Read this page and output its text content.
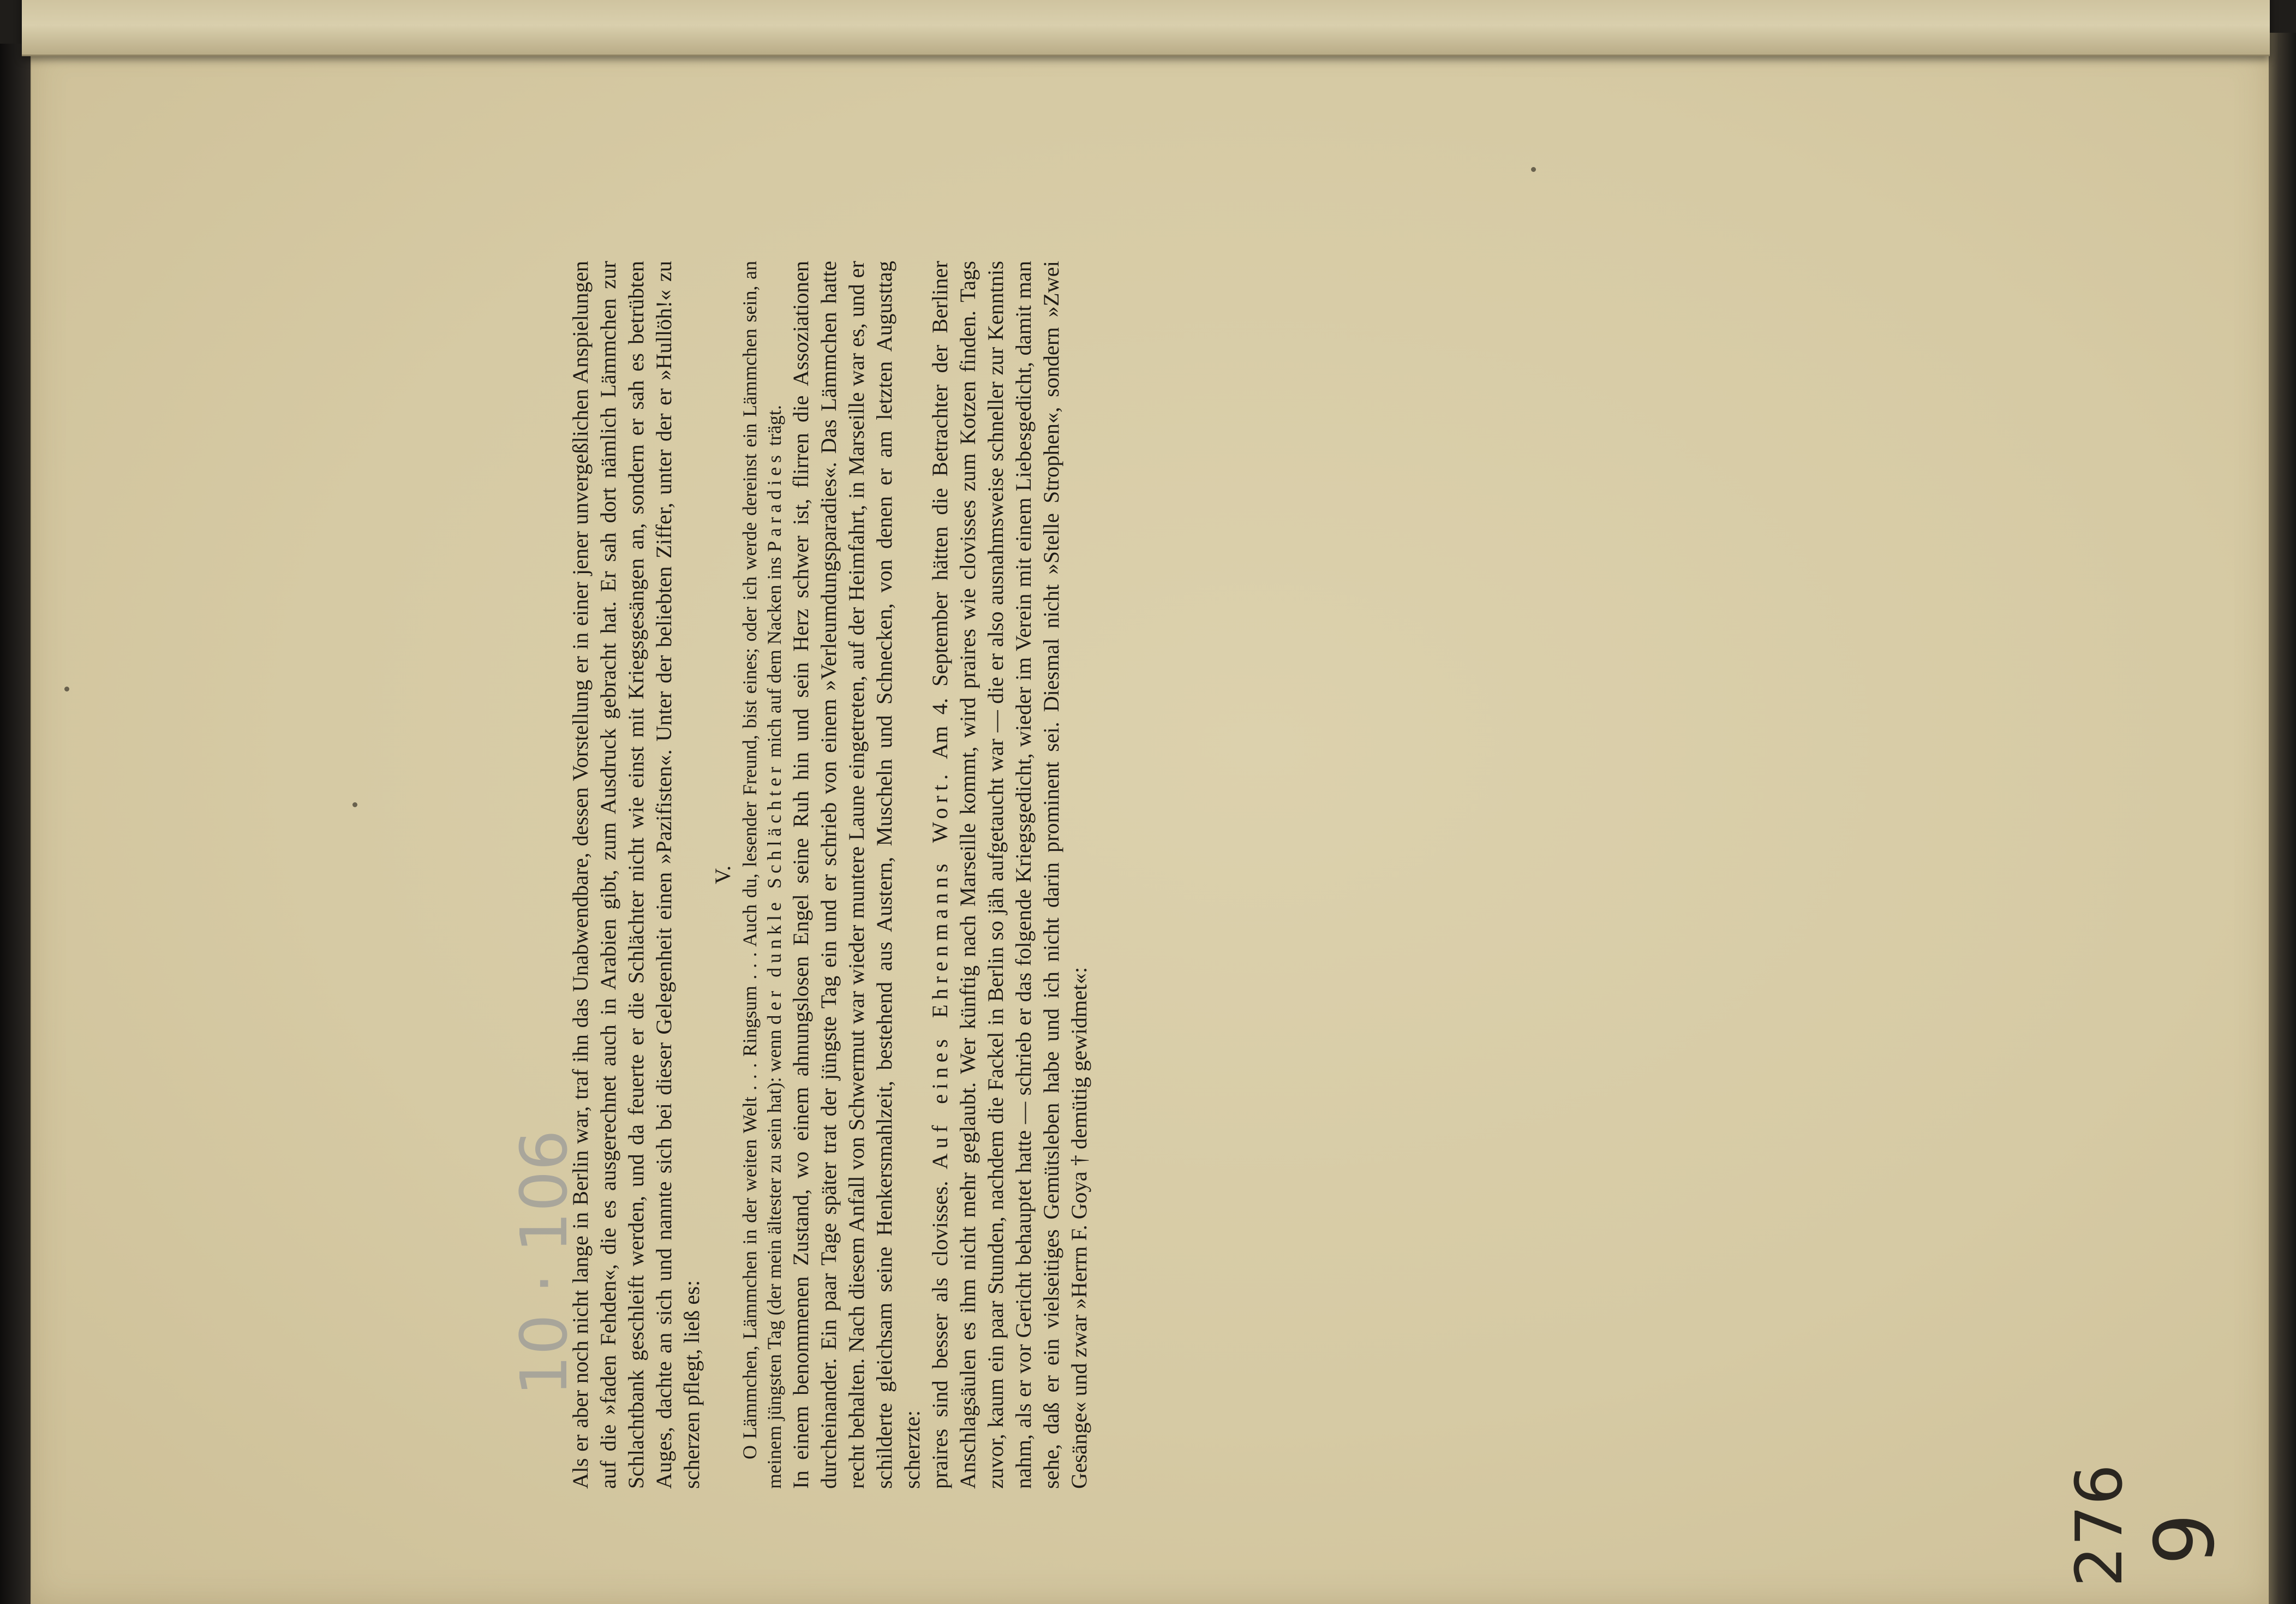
Als er aber noch nicht lange in Berlin war, traf ihn das Unabwendbare, dessen Vorstellung er in einer jener unvergeßlichen Anspielungen auf die »faden Fehden«, die es ausgerechnet auch in Arabien gibt, zum Ausdruck gebracht hat. Er sah dort nämlich Lämmchen zur Schlachtbank geschleift werden, und da feuerte er die Schlächter nicht wie einst mit Kriegsgesängen an, sondern er sah es betrübten Auges, dachte an sich und nannte sich bei dieser Gelegenheit einen »Pazifisten«. Unter der beliebten Ziffer, unter der er »Hullöh!« zu scherzen pflegt, ließ es:

V. O Lämmchen, Lämmchen in der weiten Welt . . . Ringsum . . . Auch du, lesender Freund, bist eines; oder ich werde dereinst ein Lämmchen sein, an meinem jüngsten Tag (der mein ältester zu sein hat): wenn der dunkle Schlächter mich auf dem Nacken ins Paradies trägt. In einem benommenen Zustand, wo einem ahnungslosen Engel seine Ruh hin und sein Herz schwer ist, flirren die Assoziationen durcheinander. Ein paar Tage später trat der jüngste Tag ein und er schrieb von einem »Verleumdungsparadies«. Das Lämmchen hatte recht behalten. Nach diesem Anfall von Schwermut war wieder muntere Laune eingetreten, auf der Heimfahrt, in Marseille war es, und er schilderte gleichsam seine Henkersmahlzeit, bestehend aus Austern, Muscheln und Schnecken, von denen er am letzten Augusttag scherzte: praires sind besser als clovisses. Auf eines Ehrenmanns Wort. Am 4. September hätten die Betrachter der Berliner Anschlagsäulen es ihm nicht mehr geglaubt. Wer künftig nach Marseille kommt, wird praires wie clovisses zum Kotzen finden. Tags zuvor, kaum ein paar Stunden, nachdem die Fackel in Berlin so jäh aufgetaucht war — die er also ausnahmsweise schneller zur Kenntnis nahm, als er vor Gericht behauptet hatte — schrieb er das folgende Kriegsgedicht, wieder im Verein mit einem Liebesgedicht, damit man sehe, daß er ein vielseitiges Gemütsleben habe und ich nicht darin prominent sei. Diesmal nicht »Stelle Strophen«, sondern »Zwei Gesänge« und zwar »Herrn F. Goya † demütig gewidmet«:

10 · 106
9
276
